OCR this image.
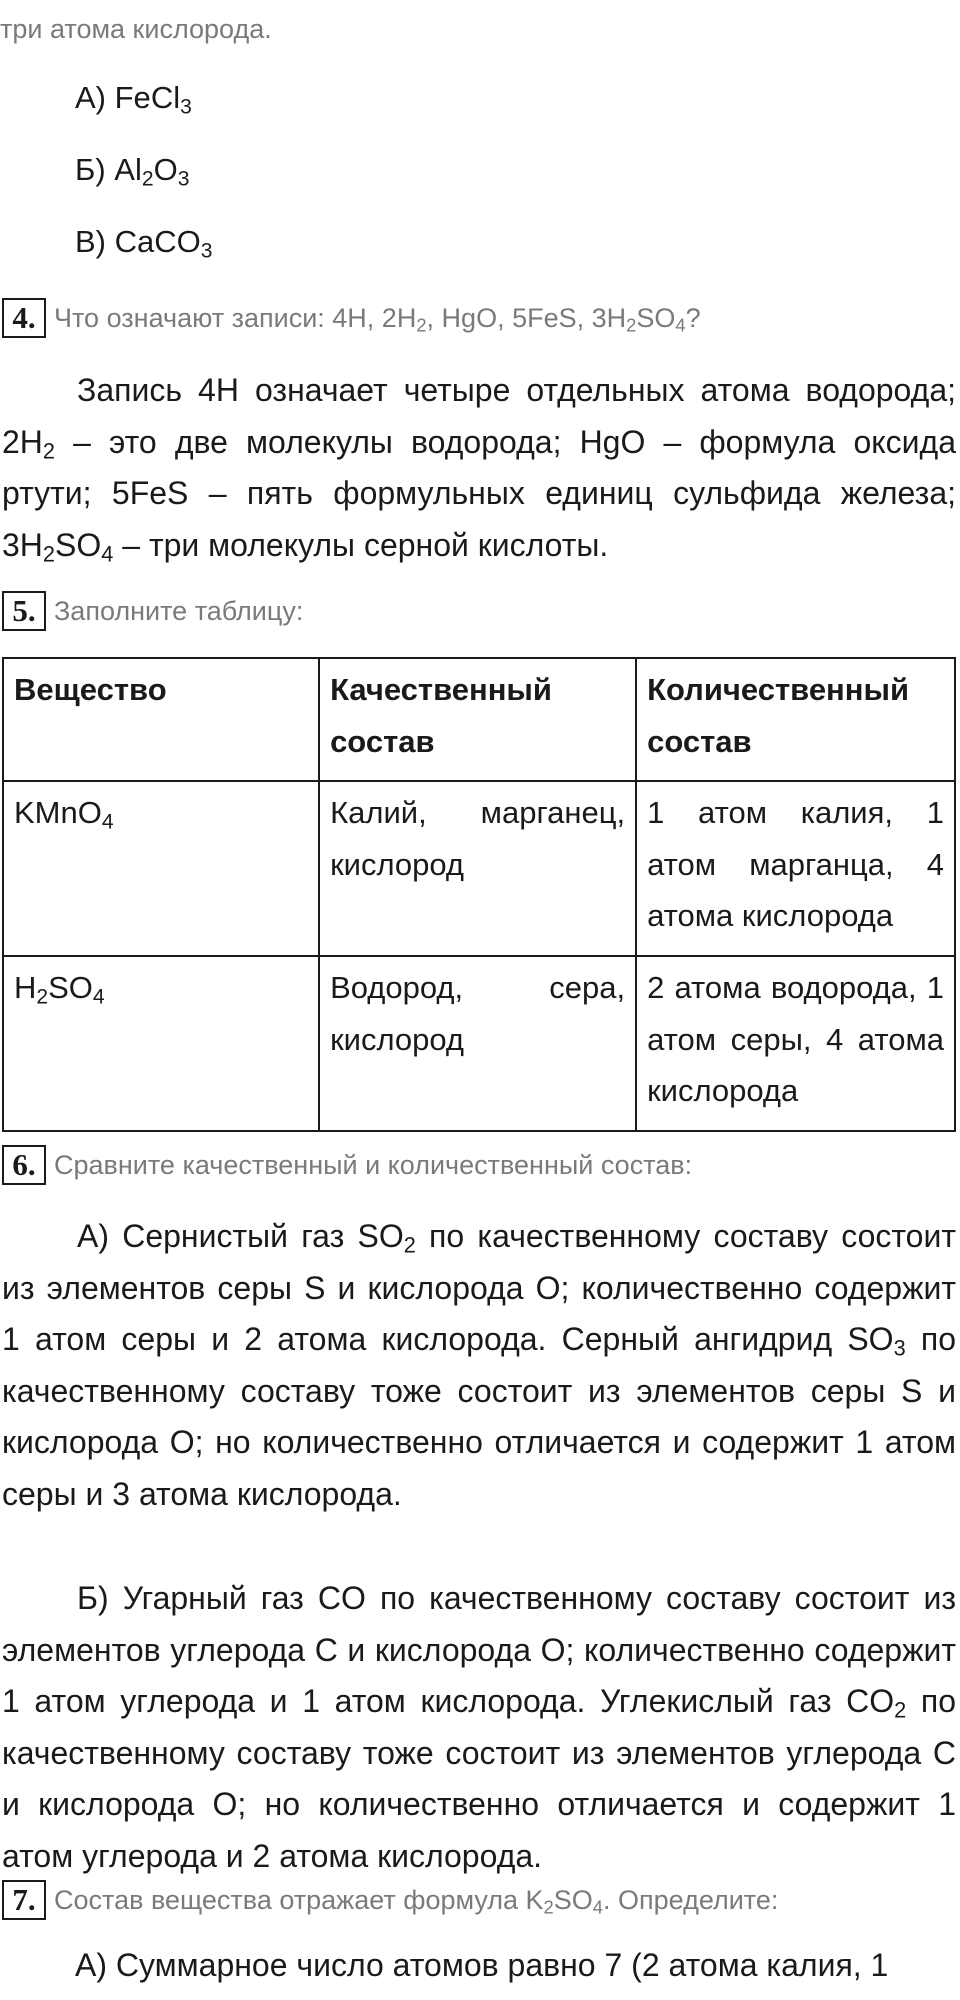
три атома кислорода.
А) FeCl$_3$
Б) $Al_2O_3$
В) CaCO$_3$
4. Что означают записи: 4H, $2H_2$, HgO, 5FeS, $3H_2SO_4$?
Запись 4H означает четыре отдельных атома водорода; $2H_2$ – это две молекулы водорода; HgO – формула оксида ртути; 5FeS – пять формульных единиц сульфида железа; $3H_2SO_4$ – три молекулы серной кислоты.
5. Заполните таблицу:
Вещество	Качественный состав	Количественный состав
KMnO$_4$	Калий, марганец, кислород	1 атом калия, 1 атом марганца, 4 атома кислорода
$H_2SO_4$	Водород, сера, кислород	2 атома водорода, 1 атом серы, 4 атома кислорода
6. Сравните качественный и количественный состав:
А) Сернистый газ $SO_2$ по качественному составу состоит из элементов серы S и кислорода O; количественно содержит 1 атом серы и 2 атома кислорода. Серный ангидрид $SO_3$ по качественному составу тоже состоит из элементов серы S и кислорода O; но количественно отличается и содержит 1 атом серы и 3 атома кислорода.
Б) Угарный газ CO по качественному составу состоит из элементов углерода C и кислорода O; количественно содержит 1 атом углерода и 1 атом кислорода. Углекислый газ $CO_2$ по качественному составу тоже состоит из элементов углерода C и кислорода O; но количественно отличается и содержит 1 атом углерода и 2 атома кислорода.
7. Состав вещества отражает формула $K_2SO_4$. Определите:
А) Суммарное число атомов равно 7 (2 атома калия, 1
